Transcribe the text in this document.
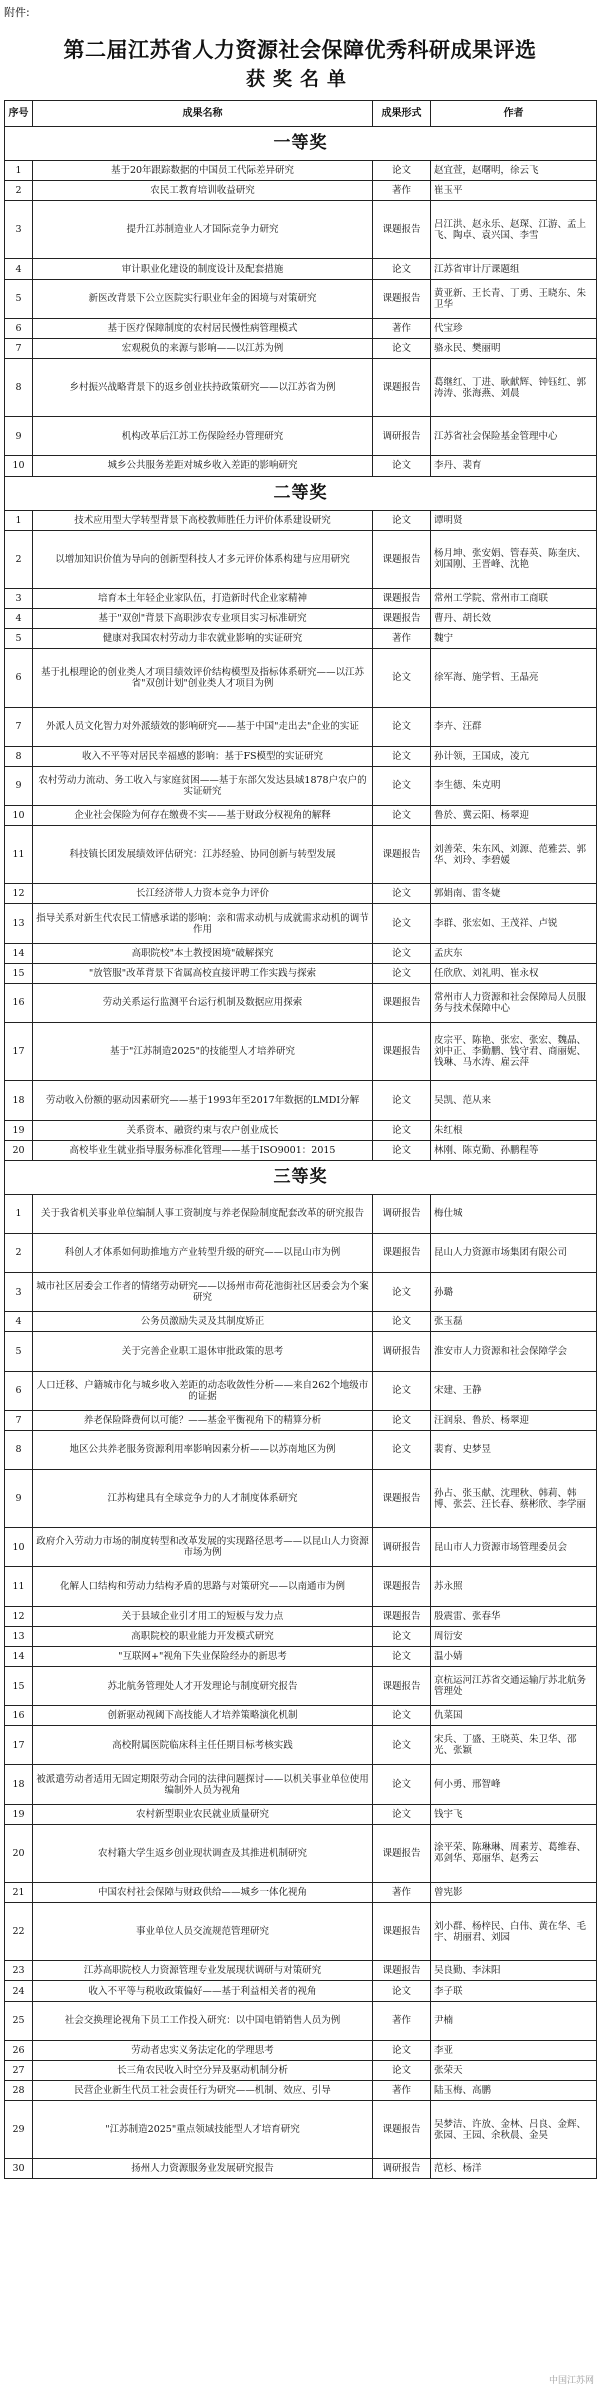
附件:
第二届江苏省人力资源社会保障优秀科研成果评选
获奖名单
序号	成果名称	成果形式	作者
一等奖			
1	基于20年跟踪数据的中国员工代际差异研究	论文	赵宜萱，赵曙明，徐云飞
2	农民工教育培训收益研究	著作	崔玉平
3	提升江苏制造业人才国际竞争力研究	课题报告	吕江洪、赵永乐、赵琛、江游、孟上飞、陶卓、袁兴国、李雪
4	审计职业化建设的制度设计及配套措施	论文	江苏省审计厅课题组
5	新医改背景下公立医院实行职业年金的困境与对策研究	课题报告	黄亚新、王长青、丁勇、王晓东、朱卫华
6	基于医疗保障制度的农村居民慢性病管理模式	著作	代宝珍
7	宏观税负的来源与影响——以江苏为例	论文	骆永民、樊丽明
8	乡村振兴战略背景下的返乡创业扶持政策研究——以江苏省为例	课题报告	葛继红、丁进、耿献辉、钟钰红、郭涛涛、张海燕、刘晨
9	机构改革后江苏工伤保险经办管理研究	调研报告	江苏省社会保险基金管理中心
10	城乡公共服务差距对城乡收入差距的影响研究	论文	李丹、裴育
二等奖			
1	技术应用型大学转型背景下高校教师胜任力评价体系建设研究	论文	谭明贤
2	以增加知识价值为导向的创新型科技人才多元评价体系构建与应用研究	课题报告	杨月坤、张安娟、管春英、陈奎庆、刘国刚、王晋峰、沈艳
3	培育本土年轻企业家队伍，打造新时代企业家精神	课题报告	常州工学院、常州市工商联
4	基于"双创"背景下高职涉农专业项目实习标准研究	课题报告	曹丹、胡长效
5	健康对我国农村劳动力非农就业影响的实证研究	著作	魏宁
6	基于扎根理论的创业类人才项目绩效评价结构模型及指标体系研究——以江苏省"双创计划"创业类人才项目为例	论文	徐军海、施学哲、王晶亮
7	外派人员文化智力对外派绩效的影响研究——基于中国"走出去"企业的实证	论文	李卉、汪群
8	收入不平等对居民幸福感的影响：基于FS模型的实证研究	论文	孙计领，王国成，凌亢
9	农村劳动力流动、务工收入与家庭贫困——基于东部欠发达县域1878户农户的实证研究	论文	李生德、朱克明
10	企业社会保险为何存在缴费不实——基于财政分权视角的解释	论文	鲁於、冀云阳、杨翠迎
11	科技镇长团发展绩效评估研究：江苏经验、协同创新与转型发展	课题报告	刘善荣、朱东风、刘源、范雅芸、郭华、刘玲、李碧媛
12	长江经济带人力资本竞争力评价	论文	郭娟南、雷冬婕
13	指导关系对新生代农民工情感承诺的影响：亲和需求动机与成就需求动机的调节作用	论文	李群、张宏如、王茂祥、卢锐
14	高职院校"本土教授困境"破解探究	论文	孟庆东
15	"放管服"改革背景下省属高校直接评聘工作实践与探索	论文	任欣欣、刘礼明、崔永权
16	劳动关系运行监测平台运行机制及数据应用探索	课题报告	常州市人力资源和社会保障局人员服务与技术保障中心
17	基于"江苏制造2025"的技能型人才培养研究	课题报告	皮宗平、陈艳、张宏、张宏、魏晶、刘中正、李勤鹏、钱守君、商丽妮、钱琳、马水涛、雇云萍
18	劳动收入份额的驱动因素研究——基于1993年至2017年数据的LMDI分解	论文	吴凯、范从来
19	关系资本、融资约束与农户创业成长	论文	朱红根
20	高校毕业生就业指导服务标准化管理——基于ISO9001：2015	论文	林刚、陈克勤、孙鹏程等
三等奖			
1	关于我省机关事业单位编制人事工资制度与养老保险制度配套改革的研究报告	调研报告	梅仕城
2	科创人才体系如何助推地方产业转型升级的研究——以昆山市为例	课题报告	昆山人力资源市场集团有限公司
3	城市社区居委会工作者的情绪劳动研究——以扬州市荷花池街社区居委会为个案研究	论文	孙璐
4	公务员激励失灵及其制度矫正	论文	张玉磊
5	关于完善企业职工退休审批政策的思考	调研报告	淮安市人力资源和社会保障学会
6	人口迁移、户籍城市化与城乡收入差距的动态收敛性分析——来自262个地级市的证据	论文	宋建、王静
7	养老保险降费何以可能？——基金平衡视角下的精算分析	论文	汪润泉、鲁於、杨翠迎
8	地区公共养老服务资源利用率影响因素分析——以苏南地区为例	论文	裴育、史梦昱
9	江苏构建具有全球竞争力的人才制度体系研究	课题报告	孙占、张玉献、沈理秋、韩莉、韩博、张芸、汪长春、蔡彬欣、李学丽
10	政府介入劳动力市场的制度转型和改革发展的实现路径思考——以昆山人力资源市场为例	调研报告	昆山市人力资源市场管理委员会
11	化解人口结构和劳动力结构矛盾的思路与对策研究——以南通市为例	课题报告	苏永照
12	关于县域企业引才用工的短板与发力点	课题报告	殷震雷、张春华
13	高职院校的职业能力开发模式研究	论文	周衍安
14	"互联网+"视角下失业保险经办的新思考	论文	温小婧
15	苏北航务管理处人才开发理论与制度研究报告	课题报告	京杭运河江苏省交通运输厅苏北航务管理处
16	创新驱动视阈下高技能人才培养策略演化机制	论文	仇菜国
17	高校附属医院临床科主任任期目标考核实践	论文	宋兵、丁盛、王晓英、朱卫华、邵光、张颖
18	被派遣劳动者适用无固定期限劳动合同的法律问题探讨——以机关事业单位使用编制外人员为视角	论文	何小勇、邢智峰
19	农村新型职业农民就业质量研究	论文	钱宇飞
20	农村籍大学生返乡创业现状调查及其推进机制研究	课题报告	涂平荣、陈琳琳、周素芳、葛维春、邓剑华、郑丽华、赵秀云
21	中国农村社会保障与财政供给——城乡一体化视角	著作	曾宪影
22	事业单位人员交流规范管理研究	课题报告	刘小群、杨梓民、白伟、黄在华、毛宇、胡丽君、刘园
23	江苏高职院校人力资源管理专业发展现状调研与对策研究	课题报告	吴良勤、李沫阳
24	收入不平等与税收政策偏好——基于利益相关者的视角	论文	李子联
25	社会交换理论视角下员工工作投入研究：以中国电销销售人员为例	著作	尹楠
26	劳动者忠实义务法定化的学理思考	论文	李亚
27	长三角农民收入时空分异及驱动机制分析	论文	张荣天
28	民营企业新生代员工社会责任行为研究——机制、效应、引导	著作	陆玉梅、高鹏
29	"江苏制造2025"重点领域技能型人才培育研究	课题报告	吴梦洁、许放、金林、吕良、金辉、张园、王园、余秋晨、金昊
30	扬州人力资源服务业发展研究报告	调研报告	范杉、杨洋
中国江苏网
